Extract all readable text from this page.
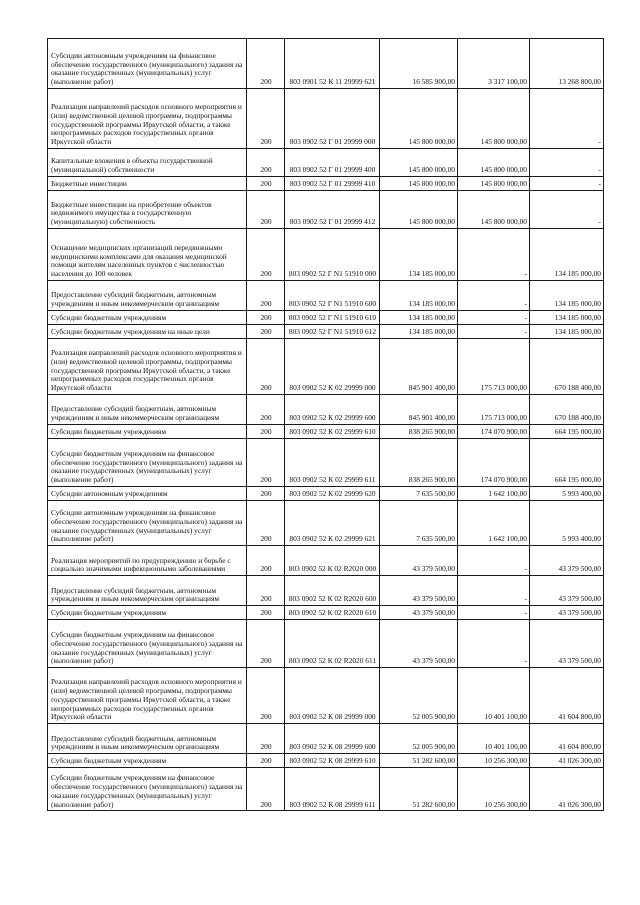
Субсидии автономным учреждениям на финансовое обеспечение государственного (муниципального) задания на оказание государственных (муниципальных) услуг (выполнение работ)	200	803 0901 52 К 11 29999 621	16 585 900,00	3 317 100,00	13 268 800,00
Реализация направлений расходов основного мероприятия и (или) ведомственной целевой программы, подпрограммы государственной программы Иркутской области, а также непрограммных расходов государственных органов Иркутской области	200	803 0902 52 Г 01 29999 000	145 800 000,00	145 800 000,00	-
Капитальные вложения в объекты государственной (муниципальной) собственности	200	803 0902 52 Г 01 29999 400	145 800 000,00	145 800 000,00	-
Бюджетные инвестиции	200	803 0902 52 Г 01 29999 410	145 800 000,00	145 800 000,00	-
Бюджетные инвестиции на приобретение объектов недвижимого имущества в государственную (муниципальную) собственность	200	803 0902 52 Г 01 29999 412	145 800 000,00	145 800 000,00	-
Оснащение медицинских организаций передвижными медицинскими комплексами для оказания медицинской помощи жителям населенных пунктов с численностью населения до 100 человек	200	803 0902 52 Г N1 51910 000	134 185 000,00	-	134 185 000,00
Предоставление субсидий бюджетным, автономным учреждениям и иным некоммерческим организациям	200	803 0902 52 Г N1 51910 600	134 185 000,00	-	134 185 000,00
Субсидии бюджетным учреждениям	200	803 0902 52 Г N1 51910 610	134 185 000,00	-	134 185 000,00
Субсидии бюджетным учреждениям на иные цели	200	803 0902 52 Г N1 51910 612	134 185 000,00	-	134 185 000,00
Реализация направлений расходов основного мероприятия и (или) ведомственной целевой программы, подпрограммы государственной программы Иркутской области, а также непрограммных расходов государственных органов Иркутской области	200	803 0902 52 К 02 29999 000	845 901 400,00	175 713 000,00	670 188 400,00
Предоставление субсидий бюджетным, автономным учреждениям и иным некоммерческим организациям	200	803 0902 52 К 02 29999 600	845 901 400,00	175 713 000,00	670 188 400,00
Субсидии бюджетным учреждениям	200	803 0902 52 К 02 29999 610	838 265 900,00	174 070 900,00	664 195 000,00
Субсидии бюджетным учреждениям на финансовое обеспечение государственного (муниципального) задания на оказание государственных (муниципальных) услуг (выполнение работ)	200	803 0902 52 К 02 29999 611	838 265 900,00	174 070 900,00	664 195 000,00
Субсидии автономным учреждениям	200	803 0902 52 К 02 29999 620	7 635 500,00	1 642 100,00	5 993 400,00
Субсидии автономным учреждениям на финансовое обеспечение государственного (муниципального) задания на оказание государственных (муниципальных) услуг (выполнение работ)	200	803 0902 52 К 02 29999 621	7 635 500,00	1 642 100,00	5 993 400,00
Реализация мероприятий по предупреждению и борьбе с социально значимыми инфекционными заболеваниями	200	803 0902 52 К 02 R2020 000	43 379 500,00	-	43 379 500,00
Предоставление субсидий бюджетным, автономным учреждениям и иным некоммерческим организациям	200	803 0902 52 К 02 R2020 600	43 379 500,00	-	43 379 500,00
Субсидии бюджетным учреждениям	200	803 0902 52 К 02 R2020 610	43 379 500,00	-	43 379 500,00
Субсидии бюджетным учреждениям на финансовое обеспечение государственного (муниципального) задания на оказание государственных (муниципальных) услуг (выполнение работ)	200	803 0902 52 К 02 R2020 611	43 379 500,00	-	43 379 500,00
Реализация направлений расходов основного мероприятия и (или) ведомственной целевой программы, подпрограммы государственной программы Иркутской области, а также непрограммных расходов государственных органов Иркутской области	200	803 0902 52 К 08 29999 000	52 005 900,00	10 401 100,00	41 604 800,00
Предоставление субсидий бюджетным, автономным учреждениям и иным некоммерческим организациям	200	803 0902 52 К 08 29999 600	52 005 900,00	10 401 100,00	41 604 800,00
Субсидии бюджетным учреждениям	200	803 0902 52 К 08 29999 610	51 282 600,00	10 256 300,00	41 026 300,00
Субсидии бюджетным учреждениям на финансовое обеспечение государственного (муниципального) задания на оказание государственных (муниципальных) услуг (выполнение работ)	200	803 0902 52 К 08 29999 611	51 282 600,00	10 256 300,00	41 026 300,00
